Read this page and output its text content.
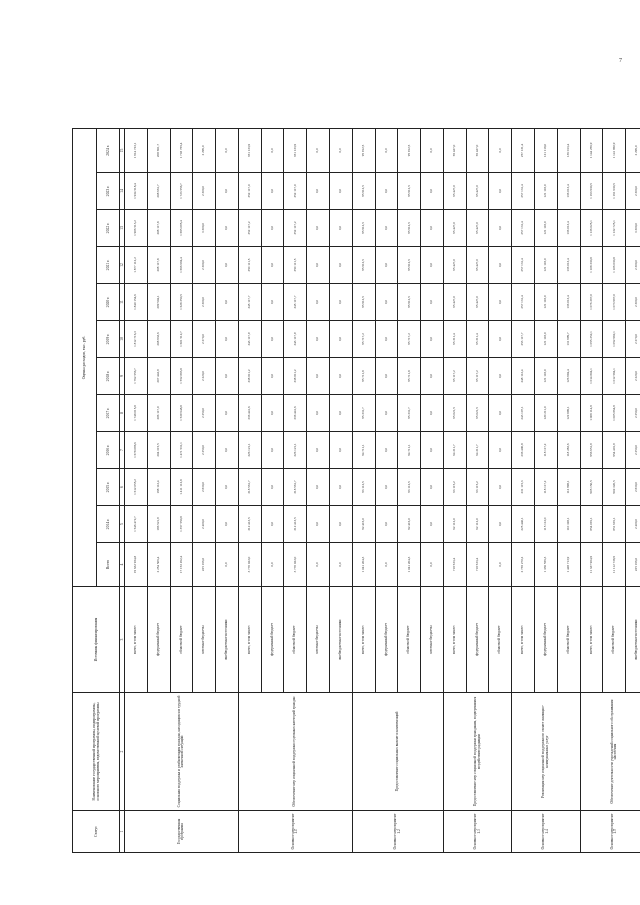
7
Статус	Наименование государственной программы, подпрограммы, основного мероприятия, ведомственной целевой программы	Источник финансирования	Оценка расходов, тыс. руб.											
			Всего	2014 г.	2015 г.	2016 г.	2017 г.	2018 г.	2019 г.	2020 г.	2021 г.	2022 г.	2023 г.	2024 г.
1	2	3	4	5	6	7	8	9	10	11	12	13	14	15
Государственная программа	Социальная поддержка и реабилитация граждан, находящихся в трудной жизненной ситуации	всего, в том числе:	19 632 934,8	1 546 472,7	1 612 055,2	1 678 096,6	1 748 015,8	1 762 556,7	1 812 716,3	1 840 154,6	1 877 112,2	1 906 513,2	1 934 518,4	1 914 723,1
		федеральный бюджет	2 254 506,4	186 521,9	198 112,4	204 315,5	206 117,0	207 442,9	208 933,6	209 504,1	208 117,8	208 117,8	208 661,7	208 661,7
		областной бюджет	17 153 262,4	1 357 550,8	1 411 112,8	1 471 531,1	1 539 648,8	1 552 893,8	1 601 512,7	1 628 350,5	1 666 694,4	1 695 095,4	1 723 556,7	1 703 765,4
		местные бюджеты	225 166,0	2 400,0	2 830,0	2 250,0	2 250,0	2 220,0	2 270,0	2 300,0	2 300,0	3 300,0	2 300,0	2 296,0
		внебюджетные источники	0,0	0,0	0,0	0,0	0,0	0,0	0,0	0,0	0,0	0,0	0,0	0,0
Основное мероприятие 1.1	Обеспечение мер социальной поддержки отдельных категорий граждан	всего, в том числе:	3 770 022,0	312 413,5	318 561,7	326 121,1	336 441,6	338 811,2	343 117,9	345 117,7	350 111,5	352 117,2	352 117,0	351 133,9
		федеральный бюджет	0,0	0,0	0,0	0,0	0,0	0,0	0,0	0,0	0,0	0,0	0,0	0,0
		областной бюджет	3 770 022,0	312 413,5	318 561,7	326 121,1	336 441,6	338 811,2	343 117,9	345 117,7	350 111,5	352 117,2	352 117,0	351 133,9
		местные бюджеты	0,0	0,0	0,0	0,0	0,0	0,0	0,0	0,0	0,0	0,0	0,0	0,0
		внебюджетные источники	0,0	0,0	0,0	0,0	0,0	0,0	0,0	0,0	0,0	0,0	0,0	0,0
Основное мероприятие 1.2	Предоставление социальных выплат и компенсаций	всего, в том числе:	1 041 204,3	92 416,0	93 112,5	94 711,1	95 331,7	95 711,8	95 717,2	95 912,5	95 912,5	95 912,5	95 912,5	95 912,5
		федеральный бюджет	0,0	0,0	0,0	0,0	0,0	0,0	0,0	0,0	0,0	0,0	0,0	0,0
		областной бюджет	1 041 204,3	92 416,0	93 112,5	94 711,1	95 331,7	95 711,8	95 717,2	95 912,5	95 912,5	95 912,5	95 912,5	95 912,5
		местные бюджеты	0,0	0,0	0,0	0,0	0,0	0,0	0,0	0,0	0,0	0,0	0,0	0,0
Основное мероприятие 1.3	Предоставление мер социальной поддержки гражданам, подвергшимся воздействию радиации	всего, в том числе:	718 533,4	62 112,0	63 115,2	64 211,7	65 021,5	65 117,2	65 311,4	65 427,0	65 427,0	65 427,0	65 427,0	65 427,0
		федеральный бюджет	718 533,4	62 112,0	63 115,2	64 211,7	65 021,5	65 117,2	65 311,4	65 427,0	65 427,0	65 427,0	65 427,0	65 427,0
		областной бюджет	0,0	0,0	0,0	0,0	0,0	0,0	0,0	0,0	0,0	0,0	0,0	0,0
Основное мероприятие 1.4	Реализация мер социальной поддержки по оплате жилищно-коммунальных услуг	всего, в том числе:	2 765 270,2	225 440,1	231 115,3	236 400,8	243 107,1	248 112,4	253 117,7	257 131,4	257 131,4	257 131,4	257 131,4	257 131,4
		федеральный бюджет	1 336 556,3	115 112,0	118 117,2	118 117,2	120 211,0	121 118,0	121 118,0	121 118,0	121 118,0	121 118,0	121 118,0	121 118,0
		областной бюджет	1 428 713,9	110 328,1	112 998,1	118 283,6	122 896,1	126 994,4	131 999,7	136 013,4	136 013,4	136 013,4	136 013,4	136 013,4
Основное мероприятие 1.5	Обеспечение деятельности учреждений социального обслуживания населения	всего, в том числе:	11 337 904,9	854 091,1	905 150,5	956 651,9	1 008 114,9	1 014 804,1	1 055 252,1	1 076 297,0	1 108 330,8	1 136 025,1	1 163 930,5	1 144 256,9
		областной бюджет	11 112 738,9	851 691,1	902 320,5	954 401,9	1 005 864,9	1 012 584,1	1 052 982,1	1 073 997,0	1 106 030,8	1 132 725,1	1 161 630,5	1 141 960,9
		внебюджетные источники	225 166,0	2 400,0	2 830,0	2 250,0	2 250,0	2 220,0	2 270,0	2 300,0	2 300,0	3 300,0	2 300,0	2 296,0
